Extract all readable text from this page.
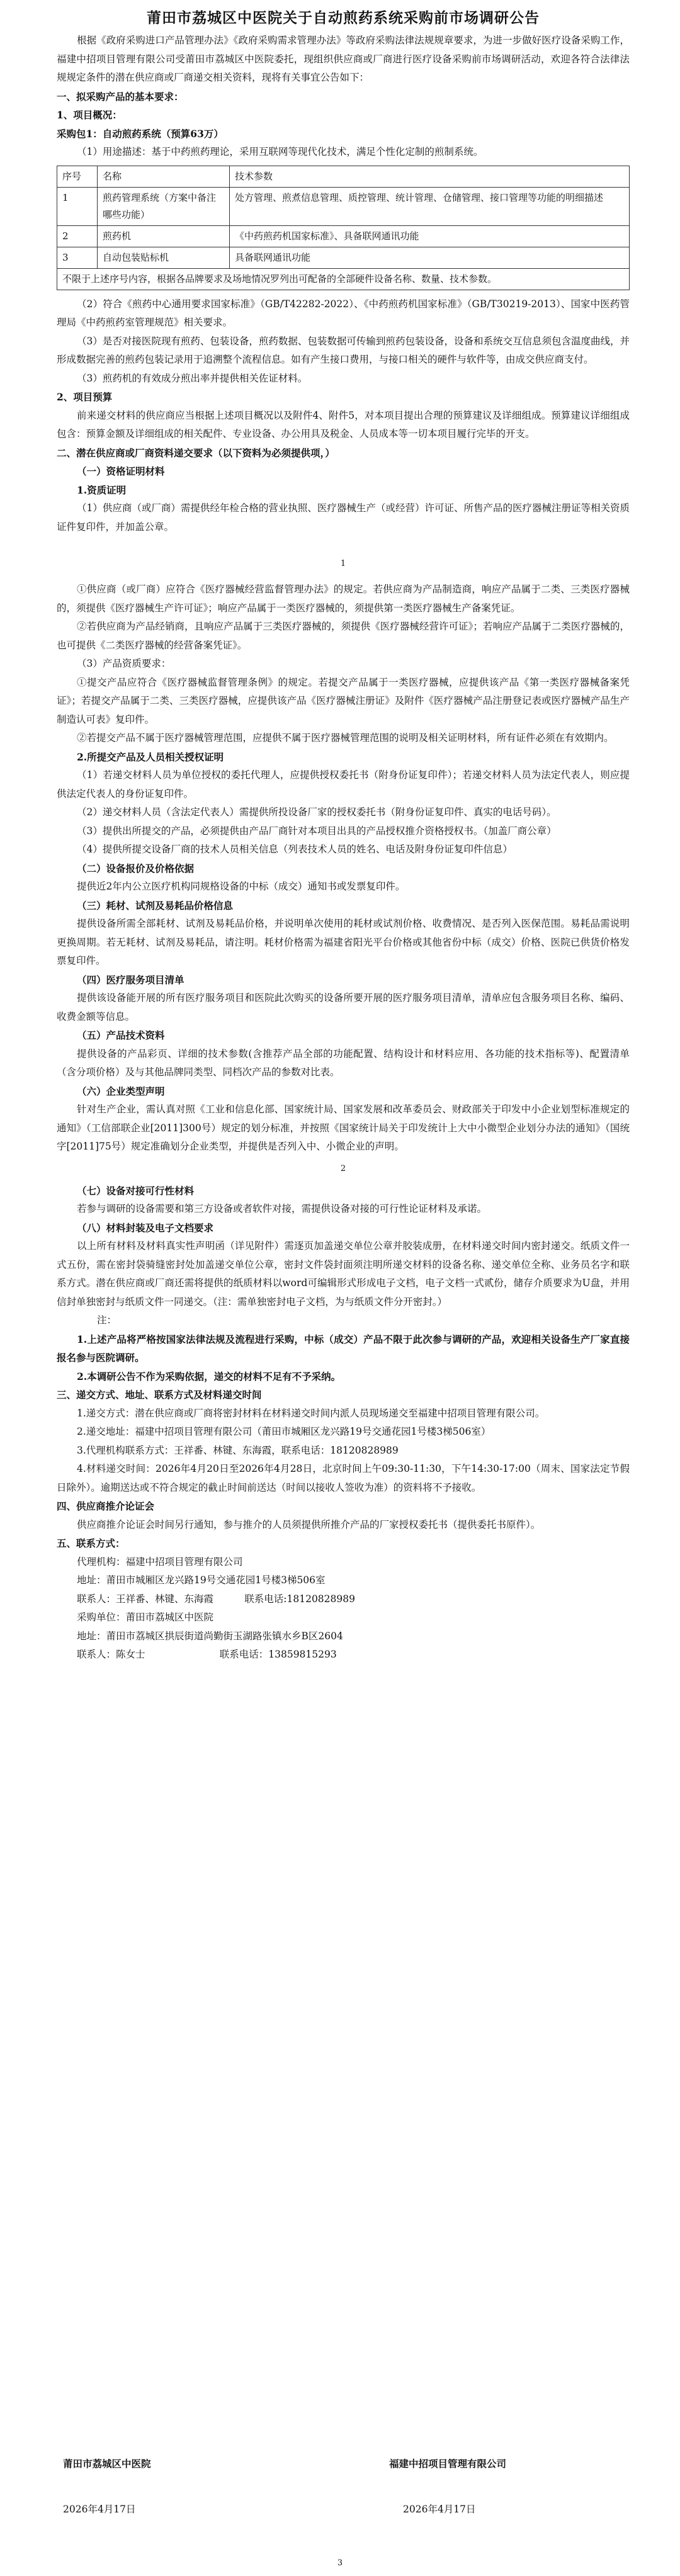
莆田市荔城区中医院关于自动煎药系统采购前市场调研公告

根据《政府采购进口产品管理办法》《政府采购需求管理办法》等政府采购法律法规规章要求，为进一步做好医疗设备采购工作，福建中招项目管理有限公司受莆田市荔城区中医院委托，现组织供应商或厂商进行医疗设备采购前市场调研活动，欢迎各符合法律法规规定条件的潜在供应商或厂商递交相关资料，现将有关事宜公告如下：

一、拟采购产品的基本要求：

1、项目概况：

采购包1：自动煎药系统（预算63万）

（1）用途描述：基于中药煎药理论，采用互联网等现代化技术，满足个性化定制的煎制系统。

序号	名称	技术参数
1	煎药管理系统（方案中备注哪些功能）	处方管理、煎煮信息管理、质控管理、统计管理、仓储管理、接口管理等功能的明细描述
2	煎药机	《中药煎药机国家标准》、具备联网通讯功能
3	自动包装贴标机	具备联网通讯功能
不限于上述序号内容，根据各品牌要求及场地情况罗列出可配备的全部硬件设备名称、数量、技术参数。		

（2）符合《煎药中心通用要求国家标准》（GB/T42282-2022）、《中药煎药机国家标准》（GB/T30219-2013）、国家中医药管理局《中药煎药室管理规范》相关要求。

（3）是否对接医院现有煎药、包装设备，煎药数据、包装数据可传输到煎药包装设备，设备和系统交互信息须包含温度曲线，并形成数据完善的煎药包装记录用于追溯整个流程信息。如有产生接口费用，与接口相关的硬件与软件等，由成交供应商支付。

（3）煎药机的有效成分煎出率并提供相关佐证材料。

2、项目预算

前来递交材料的供应商应当根据上述项目概况以及附件4、附件5，对本项目提出合理的预算建议及详细组成。预算建议详细组成包含：预算金额及详细组成的相关配件、专业设备、办公用具及税金、人员成本等一切本项目履行完毕的开支。

二、潜在供应商或厂商资料递交要求（以下资料为必须提供项，）

（一）资格证明材料

1.资质证明

（1）供应商（或厂商）需提供经年检合格的营业执照、医疗器械生产（或经营）许可证、所售产品的医疗器械注册证等相关资质证件复印件，并加盖公章。

1

①供应商（或厂商）应符合《医疗器械经营监督管理办法》的规定。若供应商为产品制造商，响应产品属于二类、三类医疗器械的，须提供《医疗器械生产许可证》；响应产品属于一类医疗器械的，须提供第一类医疗器械生产备案凭证。

②若供应商为产品经销商，且响应产品属于三类医疗器械的，须提供《医疗器械经营许可证》；若响应产品属于二类医疗器械的，也可提供《二类医疗器械的经营备案凭证》。

（3）产品资质要求：

①提交产品应符合《医疗器械监督管理条例》的规定。若提交产品属于一类医疗器械，应提供该产品《第一类医疗器械备案凭证》；若提交产品属于二类、三类医疗器械，应提供该产品《医疗器械注册证》及附件《医疗器械产品注册登记表或医疗器械产品生产制造认可表》复印件。

②若提交产品不属于医疗器械管理范围，应提供不属于医疗器械管理范围的说明及相关证明材料，所有证件必须在有效期内。

2.所提交产品及人员相关授权证明

（1）若递交材料人员为单位授权的委托代理人，应提供授权委托书（附身份证复印件）；若递交材料人员为法定代表人，则应提供法定代表人的身份证复印件。

（2）递交材料人员（含法定代表人）需提供所投设备厂家的授权委托书（附身份证复印件、真实的电话号码）。

（3）提供出所提交的产品，必须提供由产品厂商针对本项目出具的产品授权推介资格授权书。（加盖厂商公章）

（4）提供所提交设备厂商的技术人员相关信息（列表技术人员的姓名、电话及附身份证复印件信息）

（二）设备报价及价格依据

提供近2年内公立医疗机构同规格设备的中标（成交）通知书或发票复印件。

（三）耗材、试剂及易耗品价格信息

提供设备所需全部耗材、试剂及易耗品价格，并说明单次使用的耗材或试剂价格、收费情况、是否列入医保范围。易耗品需说明更换周期。若无耗材、试剂及易耗品，请注明。耗材价格需为福建省阳光平台价格或其他省份中标（成交）价格、医院已供货价格发票复印件。

（四）医疗服务项目清单

提供该设备能开展的所有医疗服务项目和医院此次购买的设备所要开展的医疗服务项目清单，清单应包含服务项目名称、编码、收费金额等信息。

（五）产品技术资料

提供设备的产品彩页、详细的技术参数(含推荐产品全部的功能配置、结构设计和材料应用、各功能的技术指标等)、配置清单（含分项价格）及与其他品牌同类型、同档次产品的参数对比表。

（六）企业类型声明

针对生产企业，需认真对照《工业和信息化部、国家统计局、国家发展和改革委员会、财政部关于印发中小企业划型标准规定的通知》（工信部联企业[2011]300号）规定的划分标准，并按照《国家统计局关于印发统计上大中小微型企业划分办法的通知》（国统字[2011]75号）规定准确划分企业类型，并提供是否列入中、小微企业的声明。

2

（七）设备对接可行性材料

若参与调研的设备需要和第三方设备或者软件对接，需提供设备对接的可行性论证材料及承诺。

（八）材料封装及电子文档要求

以上所有材料及材料真实性声明函（详见附件）需逐页加盖递交单位公章并胶装成册，在材料递交时间内密封递交。纸质文件一式五份，需在密封袋骑缝密封处加盖递交单位公章，密封文件袋封面须注明所递交材料的设备名称、递交单位全称、业务员名字和联系方式。潜在供应商或厂商还需将提供的纸质材料以word可编辑形式形成电子文档，电子文档一式贰份，储存介质要求为U盘，并用信封单独密封与纸质文件一同递交。（注：需单独密封电子文档，为与纸质文件分开密封。）

注：

1.上述产品将严格按国家法律法规及流程进行采购，中标（成交）产品不限于此次参与调研的产品，欢迎相关设备生产厂家直接报名参与医院调研。

2.本调研公告不作为采购依据，递交的材料不足有不予采纳。

三、递交方式、地址、联系方式及材料递交时间

1.递交方式：潜在供应商或厂商将密封材料在材料递交时间内派人员现场递交至福建中招项目管理有限公司。

2.递交地址：福建中招项目管理有限公司（莆田市城厢区龙兴路19号交通花园1号楼3梯506室）

3.代理机构联系方式：王祥番、林键、东海霞，联系电话：18120828989

4.材料递交时间：2026年4月20日至2026年4月28日，北京时间上午09:30-11:30，下午14:30-17:00（周末、国家法定节假日除外）。逾期送达或不符合规定的截止时间前送达（时间以接收人签收为准）的资料将不予接收。

四、供应商推介论证会

供应商推介论证会时间另行通知，参与推介的人员须提供所推介产品的厂家授权委托书（提供委托书原件）。

五、联系方式：

代理机构：福建中招项目管理有限公司

地址：莆田市城厢区龙兴路19号交通花园1号楼3梯506室

联系人：王祥番、林键、东海霞          联系电话:18120828989

采购单位：莆田市荔城区中医院

地址：莆田市荔城区拱辰街道尚勤街玉湖路张镇水乡B区2604

联系人：陈女士                        联系电话：13859815293

莆田市荔城区中医院	福建中招项目管理有限公司
2026年4月17日	2026年4月17日
3
